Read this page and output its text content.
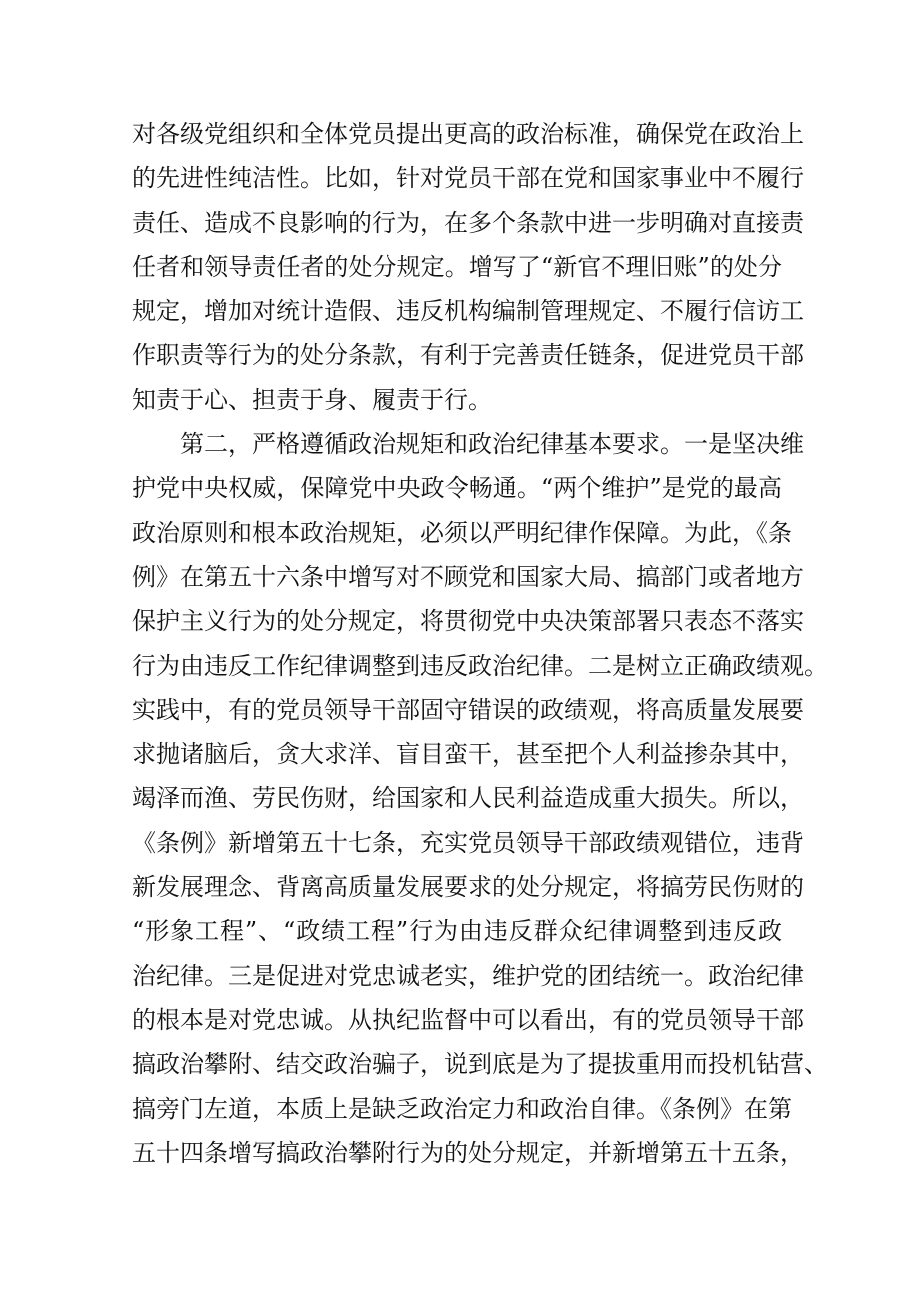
对各级党组织和全体党员提出更高的政治标准，确保党在政治上
的先进性纯洁性。比如，针对党员干部在党和国家事业中不履行
责任、造成不良影响的行为，在多个条款中进一步明确对直接责
任者和领导责任者的处分规定。增写了“新官不理旧账”的处分
规定，增加对统计造假、违反机构编制管理规定、不履行信访工
作职责等行为的处分条款，有利于完善责任链条，促进党员干部
知责于心、担责于身、履责于行。
第二，严格遵循政治规矩和政治纪律基本要求。一是坚决维
护党中央权威，保障党中央政令畅通。“两个维护”是党的最高
政治原则和根本政治规矩，必须以严明纪律作保障。为此，《条
例》在第五十六条中增写对不顾党和国家大局、搞部门或者地方
保护主义行为的处分规定，将贯彻党中央决策部署只表态不落实
行为由违反工作纪律调整到违反政治纪律。二是树立正确政绩观。
实践中，有的党员领导干部固守错误的政绩观，将高质量发展要
求抛诸脑后，贪大求洋、盲目蛮干，甚至把个人利益掺杂其中，
竭泽而渔、劳民伤财，给国家和人民利益造成重大损失。所以，
《条例》新增第五十七条，充实党员领导干部政绩观错位，违背
新发展理念、背离高质量发展要求的处分规定，将搞劳民伤财的
“形象工程”、“政绩工程”行为由违反群众纪律调整到违反政
治纪律。三是促进对党忠诚老实，维护党的团结统一。政治纪律
的根本是对党忠诚。从执纪监督中可以看出，有的党员领导干部
搞政治攀附、结交政治骗子，说到底是为了提拔重用而投机钻营、
搞旁门左道，本质上是缺乏政治定力和政治自律。《条例》在第
五十四条增写搞政治攀附行为的处分规定，并新增第五十五条，
